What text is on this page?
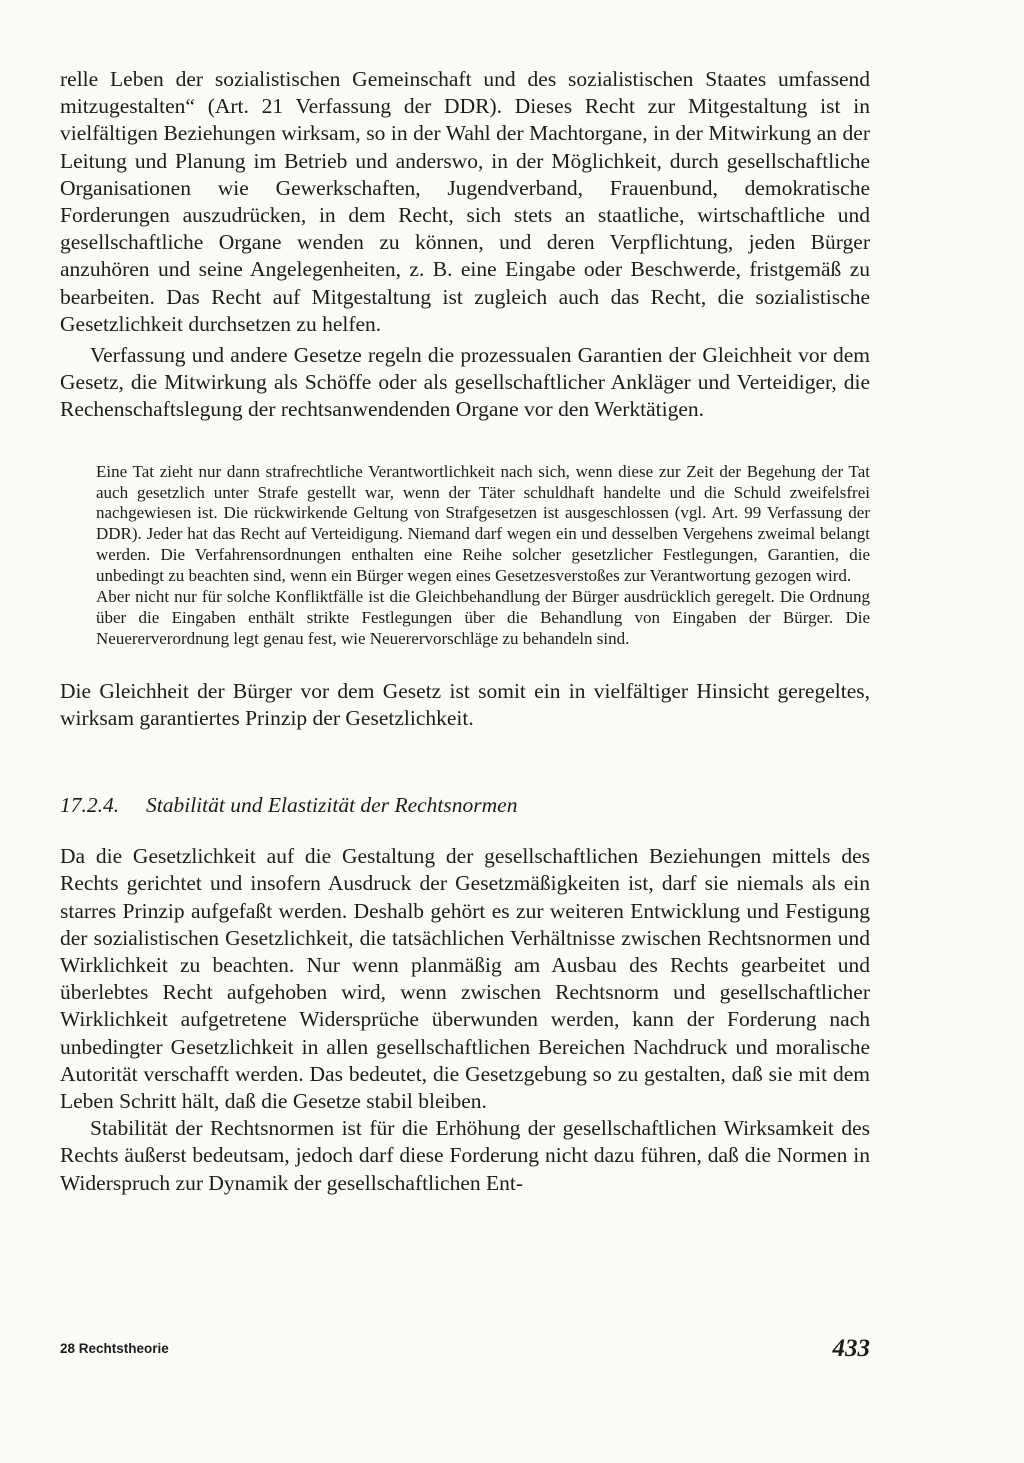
relle Leben der sozialistischen Gemeinschaft und des sozialistischen Staates umfassend mitzugestalten“ (Art. 21 Verfassung der DDR). Dieses Recht zur Mitgestaltung ist in vielfältigen Beziehungen wirksam, so in der Wahl der Machtorgane, in der Mitwirkung an der Leitung und Planung im Betrieb und anderswo, in der Möglichkeit, durch gesellschaftliche Organisationen wie Gewerkschaften, Jugendverband, Frauenbund, demokratische Forderungen auszudrücken, in dem Recht, sich stets an staatliche, wirtschaftliche und gesellschaftliche Organe wenden zu können, und deren Verpflichtung, jeden Bürger anzuhören und seine Angelegenheiten, z. B. eine Eingabe oder Beschwerde, fristgemäß zu bearbeiten. Das Recht auf Mitgestaltung ist zugleich auch das Recht, die sozialistische Gesetzlichkeit durchsetzen zu helfen.

Verfassung und andere Gesetze regeln die prozessualen Garantien der Gleichheit vor dem Gesetz, die Mitwirkung als Schöffe oder als gesellschaftlicher Ankläger und Verteidiger, die Rechenschaftslegung der rechtsanwendenden Organe vor den Werktätigen.

Eine Tat zieht nur dann strafrechtliche Verantwortlichkeit nach sich, wenn diese zur Zeit der Begehung der Tat auch gesetzlich unter Strafe gestellt war, wenn der Täter schuldhaft handelte und die Schuld zweifelsfrei nachgewiesen ist. Die rückwirkende Geltung von Strafgesetzen ist ausgeschlossen (vgl. Art. 99 Verfassung der DDR). Jeder hat das Recht auf Verteidigung. Niemand darf wegen ein und desselben Vergehens zweimal belangt werden. Die Verfahrensordnungen enthalten eine Reihe solcher gesetzlicher Festlegungen, Garantien, die unbedingt zu beachten sind, wenn ein Bürger wegen eines Gesetzesverstoßes zur Verantwortung gezogen wird.

Aber nicht nur für solche Konfliktfälle ist die Gleichbehandlung der Bürger ausdrücklich geregelt. Die Ordnung über die Eingaben enthält strikte Festlegungen über die Behandlung von Eingaben der Bürger. Die Neuererverordnung legt genau fest, wie Neuerervorschläge zu behandeln sind.

Die Gleichheit der Bürger vor dem Gesetz ist somit ein in vielfältiger Hinsicht geregeltes, wirksam garantiertes Prinzip der Gesetzlichkeit.

17.2.4. Stabilität und Elastizität der Rechtsnormen

Da die Gesetzlichkeit auf die Gestaltung der gesellschaftlichen Beziehungen mittels des Rechts gerichtet und insofern Ausdruck der Gesetzmäßigkeiten ist, darf sie niemals als ein starres Prinzip aufgefaßt werden. Deshalb gehört es zur weiteren Entwicklung und Festigung der sozialistischen Gesetzlichkeit, die tatsächlichen Verhältnisse zwischen Rechtsnormen und Wirklichkeit zu beachten. Nur wenn planmäßig am Ausbau des Rechts gearbeitet und überlebtes Recht aufgehoben wird, wenn zwischen Rechtsnorm und gesellschaftlicher Wirklichkeit aufgetretene Widersprüche überwunden werden, kann der Forderung nach unbedingter Gesetzlichkeit in allen gesellschaftlichen Bereichen Nachdruck und moralische Autorität verschafft werden. Das bedeutet, die Gesetzgebung so zu gestalten, daß sie mit dem Leben Schritt hält, daß die Gesetze stabil bleiben.

Stabilität der Rechtsnormen ist für die Erhöhung der gesellschaftlichen Wirksamkeit des Rechts äußerst bedeutsam, jedoch darf diese Forderung nicht dazu führen, daß die Normen in Widerspruch zur Dynamik der gesellschaftlichen Ent-

28 Rechtstheorie	433
